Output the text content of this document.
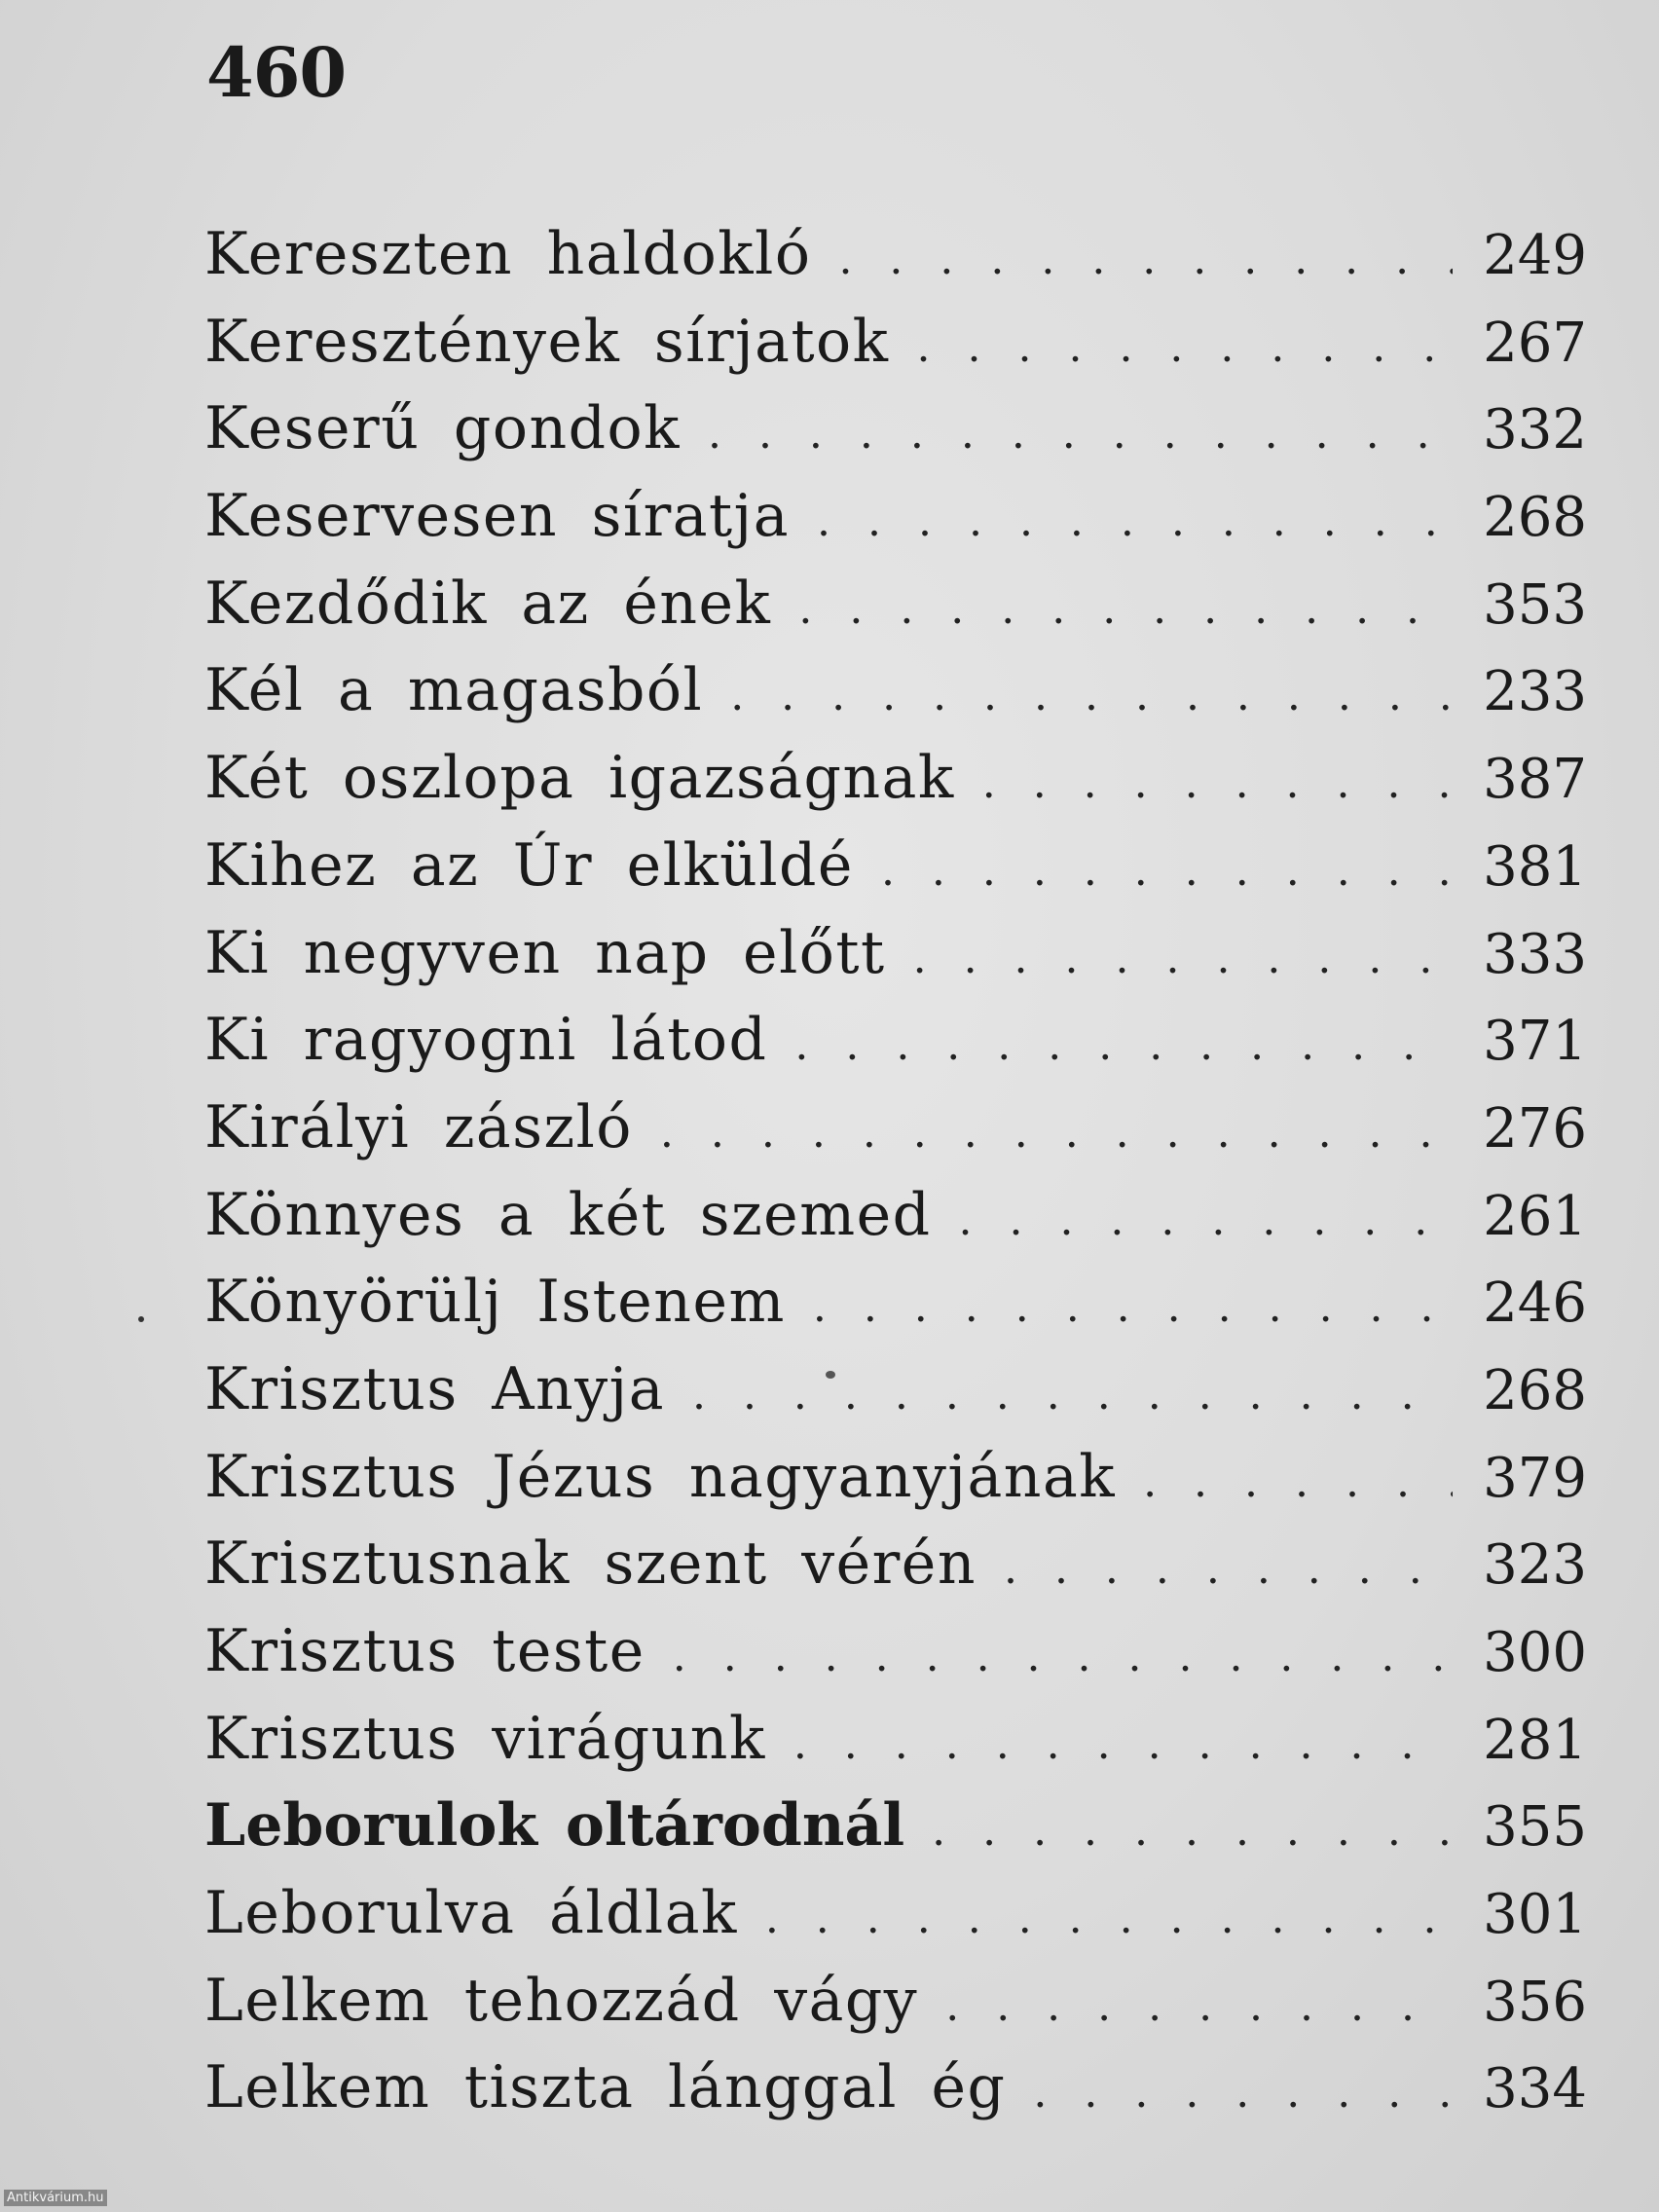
460
Kereszten haldokló . . .	249
Keresztények sírjatok . . .	267
Keserű gondok . . .	332
Keservesen síratja . . .	268
Kezdődik az ének . . .	353
Kél a magasból . . .	233
Két oszlopa igazságnak . . .	387
Kihez az Úr elküldé . . .	381
Ki negyven nap előtt . . .	333
Ki ragyogni látod . . .	371
Királyi zászló . . .	276
Könnyes a két szemed . . .	261
Könyörülj Istenem . . .	246
Krisztus Anyja . . .	268
Krisztus Jézus nagyanyjának . . .	379
Krisztusnak szent vérén . . .	323
Krisztus teste . . .	300
Krisztus virágunk . . .	281
Leborulok oltárodnál . . .	355
Leborulva áldlak . . .	301
Lelkem tehozzád vágy . . .	356
Lelkem tiszta lánggal ég . . .	334
Antikvárium.hu
